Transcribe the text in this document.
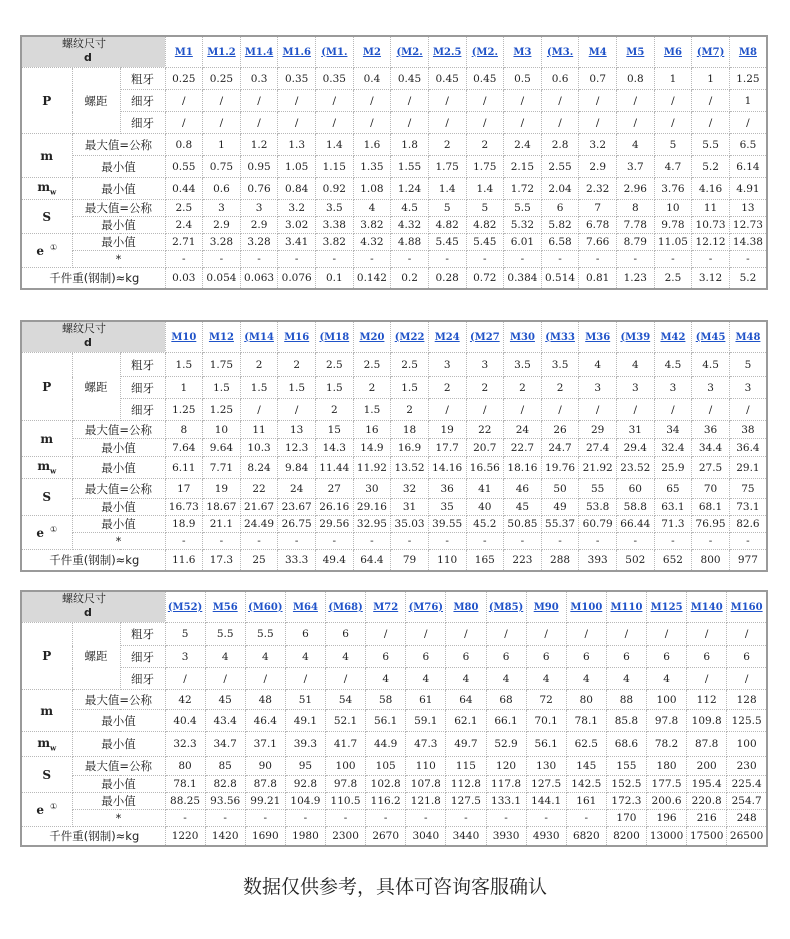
螺纹尺寸
d			M1	M1.2	M1.4	M1.6	(M1.	M2	(M2.	M2.5	(M2.	M3	(M3.	M4	M5	M6	(M7)	M8
P	螺距	粗牙	0.25	0.25	0.3	0.35	0.35	0.4	0.45	0.45	0.45	0.5	0.6	0.7	0.8	1	1	1.25
		细牙	/	/	/	/	/	/	/	/	/	/	/	/	/	/	/	1
		细牙	/	/	/	/	/	/	/	/	/	/	/	/	/	/	/	/
m	最大值=公称		0.8	1	1.2	1.3	1.4	1.6	1.8	2	2	2.4	2.8	3.2	4	5	5.5	6.5
	最小值		0.55	0.75	0.95	1.05	1.15	1.35	1.55	1.75	1.75	2.15	2.55	2.9	3.7	4.7	5.2	6.14
$m_w$	最小值		0.44	0.6	0.76	0.84	0.92	1.08	1.24	1.4	1.4	1.72	2.04	2.32	2.96	3.76	4.16	4.91
S	最大值=公称		2.5	3	3	3.2	3.5	4	4.5	5	5	5.5	6	7	8	10	11	13
	最小值		2.4	2.9	2.9	3.02	3.38	3.82	4.32	4.82	4.82	5.32	5.82	6.78	7.78	9.78	10.73	12.73
e ①	最小值		2.71	3.28	3.28	3.41	3.82	4.32	4.88	5.45	5.45	6.01	6.58	7.66	8.79	11.05	12.12	14.38
	*		-	-	-	-	-	-	-	-	-	-	-	-	-	-	-	-
千件重(钢制)≈kg			0.03	0.054	0.063	0.076	0.1	0.142	0.2	0.28	0.72	0.384	0.514	0.81	1.23	2.5	3.12	5.2
螺纹尺寸
d			M10	M12	(M14	M16	(M18	M20	(M22	M24	(M27	M30	(M33	M36	(M39	M42	(M45	M48
P	螺距	粗牙	1.5	1.75	2	2	2.5	2.5	2.5	3	3	3.5	3.5	4	4	4.5	4.5	5
		细牙	1	1.5	1.5	1.5	1.5	2	1.5	2	2	2	2	3	3	3	3	3
		细牙	1.25	1.25	/	/	2	1.5	2	/	/	/	/	/	/	/	/	/
m	最大值=公称		8	10	11	13	15	16	18	19	22	24	26	29	31	34	36	38
	最小值		7.64	9.64	10.3	12.3	14.3	14.9	16.9	17.7	20.7	22.7	24.7	27.4	29.4	32.4	34.4	36.4
$m_w$	最小值		6.11	7.71	8.24	9.84	11.44	11.92	13.52	14.16	16.56	18.16	19.76	21.92	23.52	25.9	27.5	29.1
S	最大值=公称		17	19	22	24	27	30	32	36	41	46	50	55	60	65	70	75
	最小值		16.73	18.67	21.67	23.67	26.16	29.16	31	35	40	45	49	53.8	58.8	63.1	68.1	73.1
e ①	最小值		18.9	21.1	24.49	26.75	29.56	32.95	35.03	39.55	45.2	50.85	55.37	60.79	66.44	71.3	76.95	82.6
	*		-	-	-	-	-	-	-	-	-	-	-	-	-	-	-	-
千件重(钢制)≈kg			11.6	17.3	25	33.3	49.4	64.4	79	110	165	223	288	393	502	652	800	977
螺纹尺寸
d			(M52)	M56	(M60)	M64	(M68)	M72	(M76)	M80	(M85)	M90	M100	M110	M125	M140	M160
P	螺距	粗牙	5	5.5	5.5	6	6	/	/	/	/	/	/	/	/	/	/
		细牙	3	4	4	4	4	6	6	6	6	6	6	6	6	6	6
		细牙	/	/	/	/	/	4	4	4	4	4	4	4	4	/	/
m	最大值=公称		42	45	48	51	54	58	61	64	68	72	80	88	100	112	128
	最小值		40.4	43.4	46.4	49.1	52.1	56.1	59.1	62.1	66.1	70.1	78.1	85.8	97.8	109.8	125.5
$m_w$	最小值		32.3	34.7	37.1	39.3	41.7	44.9	47.3	49.7	52.9	56.1	62.5	68.6	78.2	87.8	100
S	最大值=公称		80	85	90	95	100	105	110	115	120	130	145	155	180	200	230
	最小值		78.1	82.8	87.8	92.8	97.8	102.8	107.8	112.8	117.8	127.5	142.5	152.5	177.5	195.4	225.4
e ①	最小值		88.25	93.56	99.21	104.9	110.5	116.2	121.8	127.5	133.1	144.1	161	172.3	200.6	220.8	254.7
	*		-	-	-	-	-	-	-	-	-	-	-	170	196	216	248
千件重(钢制)≈kg			1220	1420	1690	1980	2300	2670	3040	3440	3930	4930	6820	8200	13000	17500	26500
数据仅供参考，具体可咨询客服确认
